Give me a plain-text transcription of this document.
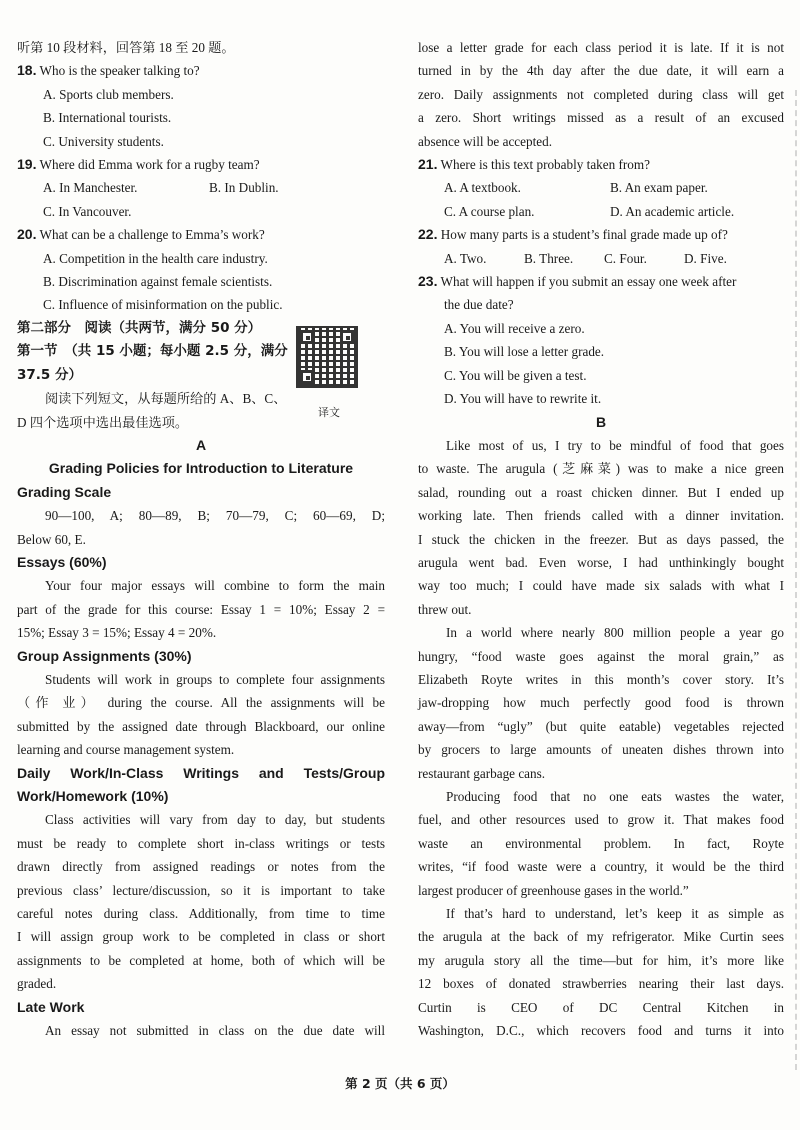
听第 10 段材料，回答第 18 至 20 题。
18. Who is the speaker talking to?
A. Sports club members.
B. International tourists.
C. University students.
19. Where did Emma work for a rugby team?
A. In Manchester.	B. In Dublin.
C. In Vancouver.
20. What can be a challenge to Emma’s work?
A. Competition in the health care industry.
B. Discrimination against female scientists.
C. Influence of misinformation on the public.
第二部分　阅读（共两节，满分 50 分）
第一节　（共 15 小题；每小题 2.5 分，满分
37.5 分）
阅读下列短文，从每题所给的 A、B、C、
D 四个选项中选出最佳选项。
A
Grading Policies for Introduction to Literature
Grading Scale
90—100, A; 80—89, B; 70—79, C; 60—69, D;
Below 60, E.
Essays (60%)
Your four major essays will combine to form the main
part of the grade for this course: Essay 1 = 10%; Essay 2 =
15%; Essay 3 = 15%; Essay 4 = 20%.
Group Assignments (30%)
Students will work in groups to complete four assignments
（作 业） during the course. All the assignments will be
submitted by the assigned date through Blackboard, our online
learning and course management system.
Daily Work/In-Class Writings and Tests/Group
Work/Homework (10%)
Class activities will vary from day to day, but students
must be ready to complete short in-class writings or tests
drawn directly from assigned readings or notes from the
previous class’ lecture/discussion, so it is important to take
careful notes during class. Additionally, from time to time
I will assign group work to be completed in class or short
assignments to be completed at home, both of which will be
graded.
Late Work
An essay not submitted in class on the due date will
译文
lose a letter grade for each class period it is late. If it is not
turned in by the 4th day after the due date, it will earn a
zero. Daily assignments not completed during class will get
a zero. Short writings missed as a result of an excused
absence will be accepted.
21. Where is this text probably taken from?
A. A textbook.	B. An exam paper.
C. A course plan.	D. An academic article.
22. How many parts is a student’s final grade made up of?
A. Two.	B. Three.	C. Four.	D. Five.
23. What will happen if you submit an essay one week after
the due date?
A. You will receive a zero.
B. You will lose a letter grade.
C. You will be given a test.
D. You will have to rewrite it.
B
Like most of us, I try to be mindful of food that goes
to waste. The arugula (芝麻菜) was to make a nice green
salad, rounding out a roast chicken dinner. But I ended up
working late. Then friends called with a dinner invitation.
I stuck the chicken in the freezer. But as days passed, the
arugula went bad. Even worse, I had unthinkingly bought
way too much; I could have made six salads with what I
threw out.
In a world where nearly 800 million people a year go
hungry, “food waste goes against the moral grain,” as
Elizabeth Royte writes in this month’s cover story. It’s
jaw-dropping how much perfectly good food is thrown
away—from “ugly” (but quite eatable) vegetables rejected
by grocers to large amounts of uneaten dishes thrown into
restaurant garbage cans.
Producing food that no one eats wastes the water,
fuel, and other resources used to grow it. That makes food
waste an environmental problem. In fact, Royte
writes, “if food waste were a country, it would be the third
largest producer of greenhouse gases in the world.”
If that’s hard to understand, let’s keep it as simple as
the arugula at the back of my refrigerator. Mike Curtin sees
my arugula story all the time—but for him, it’s more like
12 boxes of donated strawberries nearing their last days.
Curtin is CEO of DC Central Kitchen in
Washington, D.C., which recovers food and turns it into
第 2 页（共 6 页）
